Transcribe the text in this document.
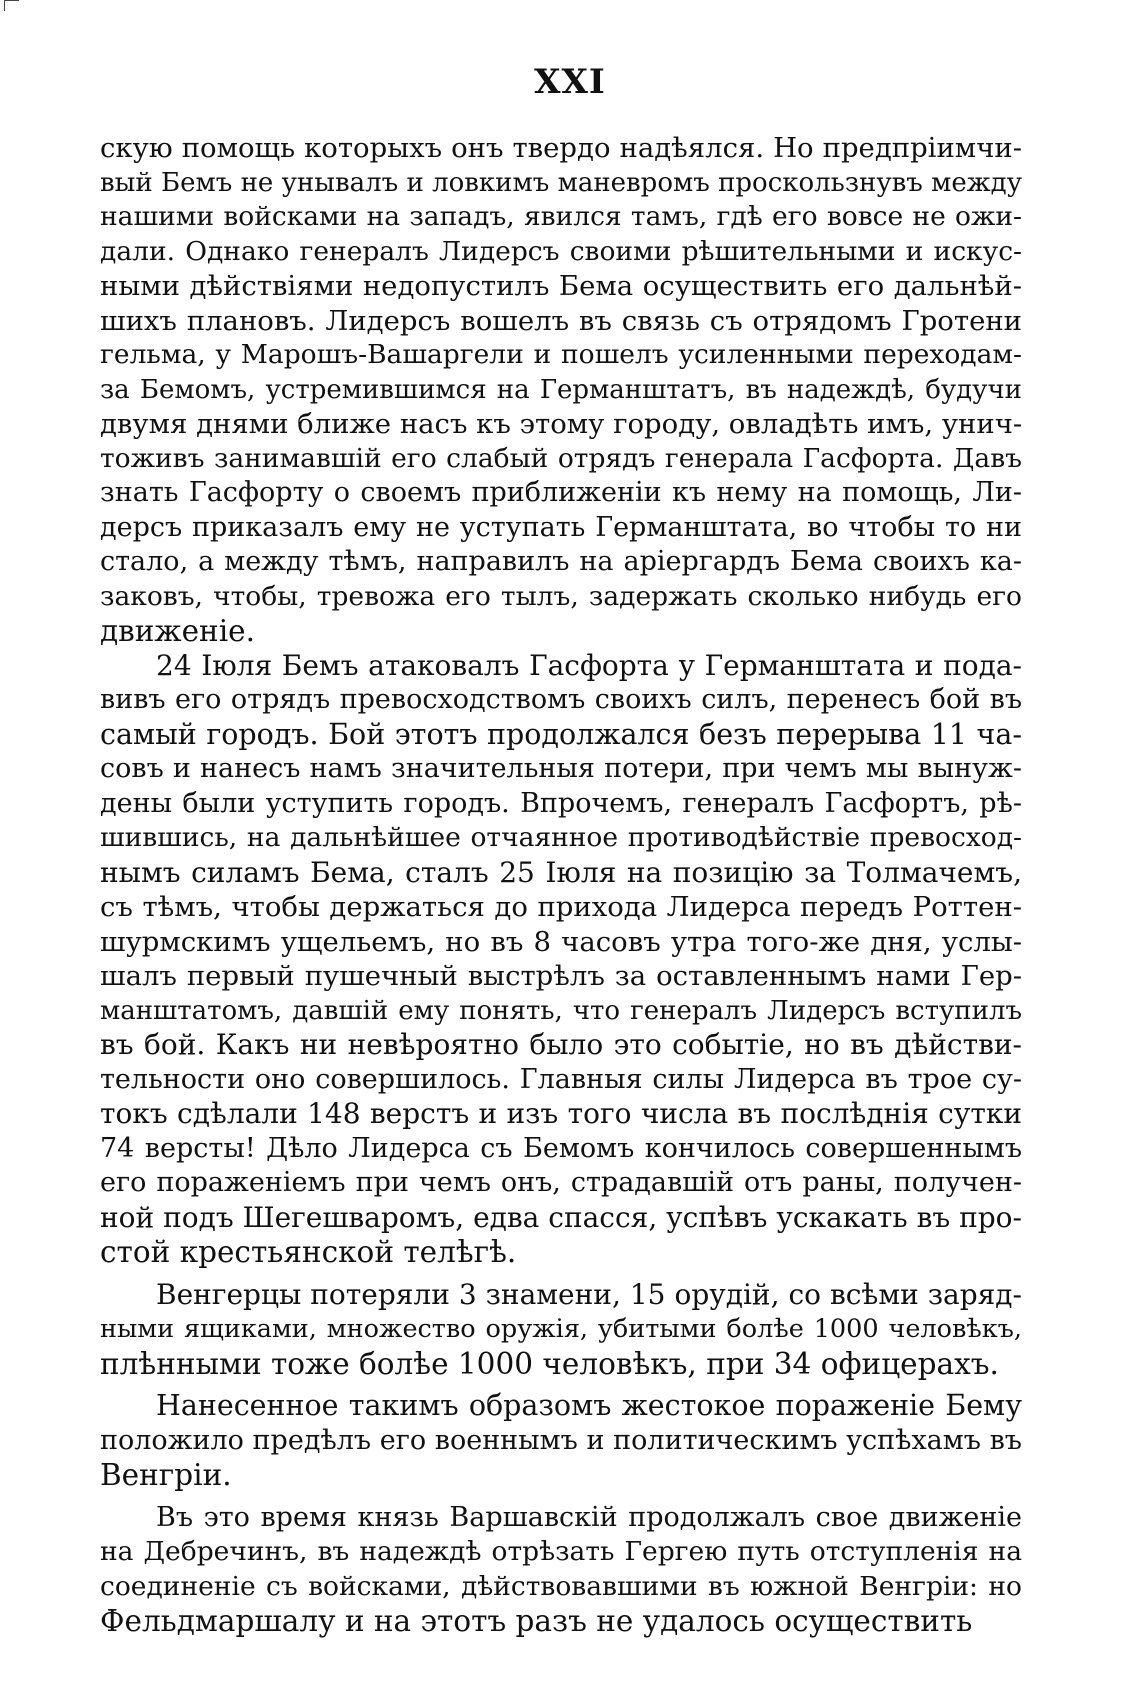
XXI
скую помощь которыхъ онъ твердо надѣялся. Но предпріимчи-
вый Бемъ не унывалъ и ловкимъ маневромъ проскользнувъ между
нашими войсками на западъ, явился тамъ, гдѣ его вовсе не ожи-
дали. Однако генералъ Лидерсъ своими рѣшительными и искус-
ными дѣйствіями недопустилъ Бема осуществить его дальнѣй-
шихъ плановъ. Лидерсъ вошелъ въ связь съ отрядомъ Гротени
гельма, у Марошъ-Вашаргели и пошелъ усиленными переходам-
за Бемомъ, устремившимся на Германштатъ, въ надеждѣ, будучи
двумя днями ближе насъ къ этому городу, овладѣть имъ, унич-
тоживъ занимавшій его слабый отрядъ генерала Гасфорта. Давъ
знать Гасфорту о своемъ приближеніи къ нему на помощь, Ли-
дерсъ приказалъ ему не уступать Германштата, во чтобы то ни
стало, а между тѣмъ, направилъ на аріергардъ Бема своихъ ка-
заковъ, чтобы, тревожа его тылъ, задержать сколько нибудь его
движеніе.
24 Іюля Бемъ атаковалъ Гасфорта у Германштата и пода-
вивъ его отрядъ превосходствомъ своихъ силъ, перенесъ бой въ
самый городъ. Бой этотъ продолжался безъ перерыва 11 ча-
совъ и нанесъ намъ значительныя потери, при чемъ мы вынуж-
дены были уступить городъ. Впрочемъ, генералъ Гасфортъ, рѣ-
шившись, на дальнѣйшее отчаянное противодѣйствіе превосход-
нымъ силамъ Бема, сталъ 25 Іюля на позицію за Толмачемъ,
съ тѣмъ, чтобы держаться до прихода Лидерса передъ Роттен-
шурмскимъ ущельемъ, но въ 8 часовъ утра того-же дня, услы-
шалъ первый пушечный выстрѣлъ за оставленнымъ нами Гер-
манштатомъ, давшій ему понять, что генералъ Лидерсъ вступилъ
въ бой. Какъ ни невѣроятно было это событіе, но въ дѣйстви-
тельности оно совершилось. Главныя силы Лидерса въ трое су-
токъ сдѣлали 148 верстъ и изъ того числа въ послѣднія сутки
74 версты! Дѣло Лидерса съ Бемомъ кончилось совершеннымъ
его пораженіемъ при чемъ онъ, страдавшій отъ раны, получен-
ной подъ Шегешваромъ, едва спасся, успѣвъ ускакать въ про-
стой крестьянской телѣгѣ.
Венгерцы потеряли 3 знамени, 15 орудій, со всѣми заряд-
ными ящиками, множество оружія, убитыми болѣе 1000 человѣкъ,
плѣнными тоже болѣе 1000 человѣкъ, при 34 офицерахъ.
Нанесенное такимъ образомъ жестокое пораженіе Бему
положило предѣлъ его военнымъ и политическимъ успѣхамъ въ
Венгріи.
Въ это время князь Варшавскій продолжалъ свое движеніе
на Дебречинъ, въ надеждѣ отрѣзать Гергею путь отступленія на
соединеніе съ войсками, дѣйствовавшими въ южной Венгріи: но
Фельдмаршалу и на этотъ разъ не удалось осуществить
